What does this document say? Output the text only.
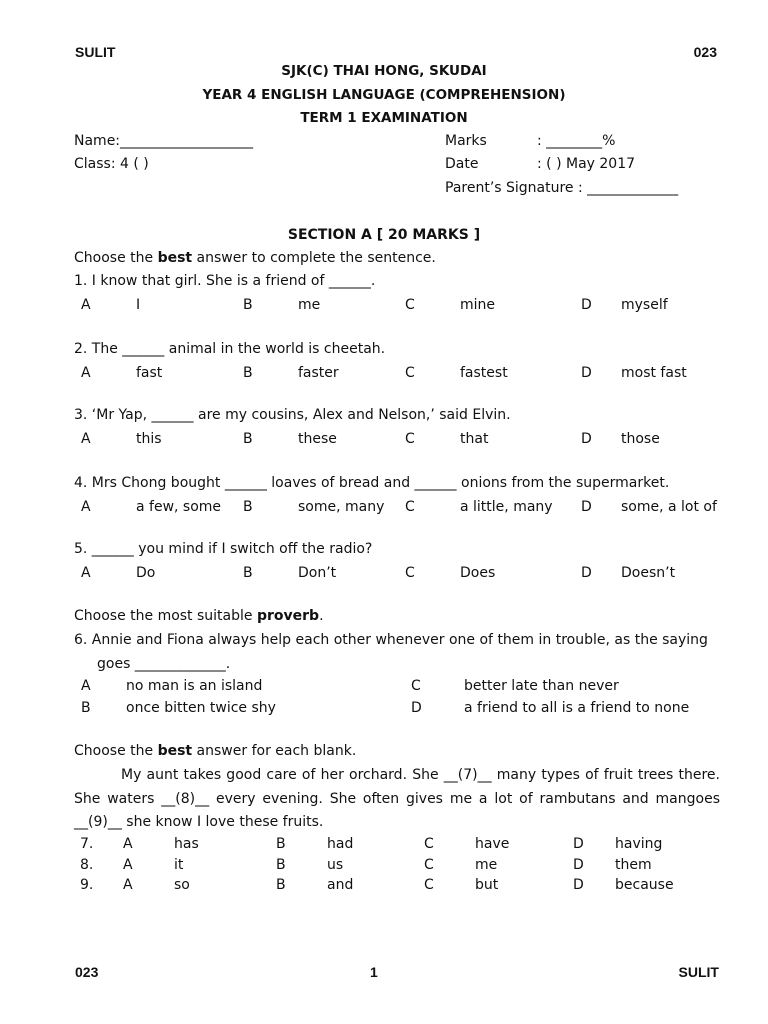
SULIT	023
SJK(C) THAI HONG, SKUDAI
YEAR 4 ENGLISH LANGUAGE (COMPREHENSION)
TERM 1 EXAMINATION
Name:___________________
Class: 4 ( )
Marks	: ________%
Date	: ( ) May 2017
Parent’s Signature : _____________
SECTION A [ 20 MARKS ]
Choose the best answer to complete the sentence.
1. I know that girl. She is a friend of ______.
A	I	B	me	C	mine	D myself
2. The ______ animal in the world is cheetah.
A	fast	B	faster	C	fastest	D most fast
3. ‘Mr Yap, ______ are my cousins, Alex and Nelson,’ said Elvin.
A	this	B	these	C	that	D those
4. Mrs Chong bought ______ loaves of bread and ______ onions from the supermarket.
A	a few, some B	some, many C	a little, many D some, a lot of
5. ______ you mind if I switch off the radio?
A	Do	B	Don’t	C	Does	D Doesn’t
Choose the most suitable proverb.
6. Annie and Fiona always help each other whenever one of them in trouble, as the saying
goes _____________.
A	no man is an island
B	once bitten twice shy
C	better late than never
D	a friend to all is a friend to none
Choose the best answer for each blank.
My aunt takes good care of her orchard. She __(7)__ many types of fruit trees there. She waters __(8)__ every evening. She often gives me a lot of rambutans and mangoes __(9)__ she know I love these fruits.
7. A	has	B	had	C	have	D having
8. A	it	B	us	C	me	D them
9. A	so	B	and	C	but	D because
023	1	SULIT
